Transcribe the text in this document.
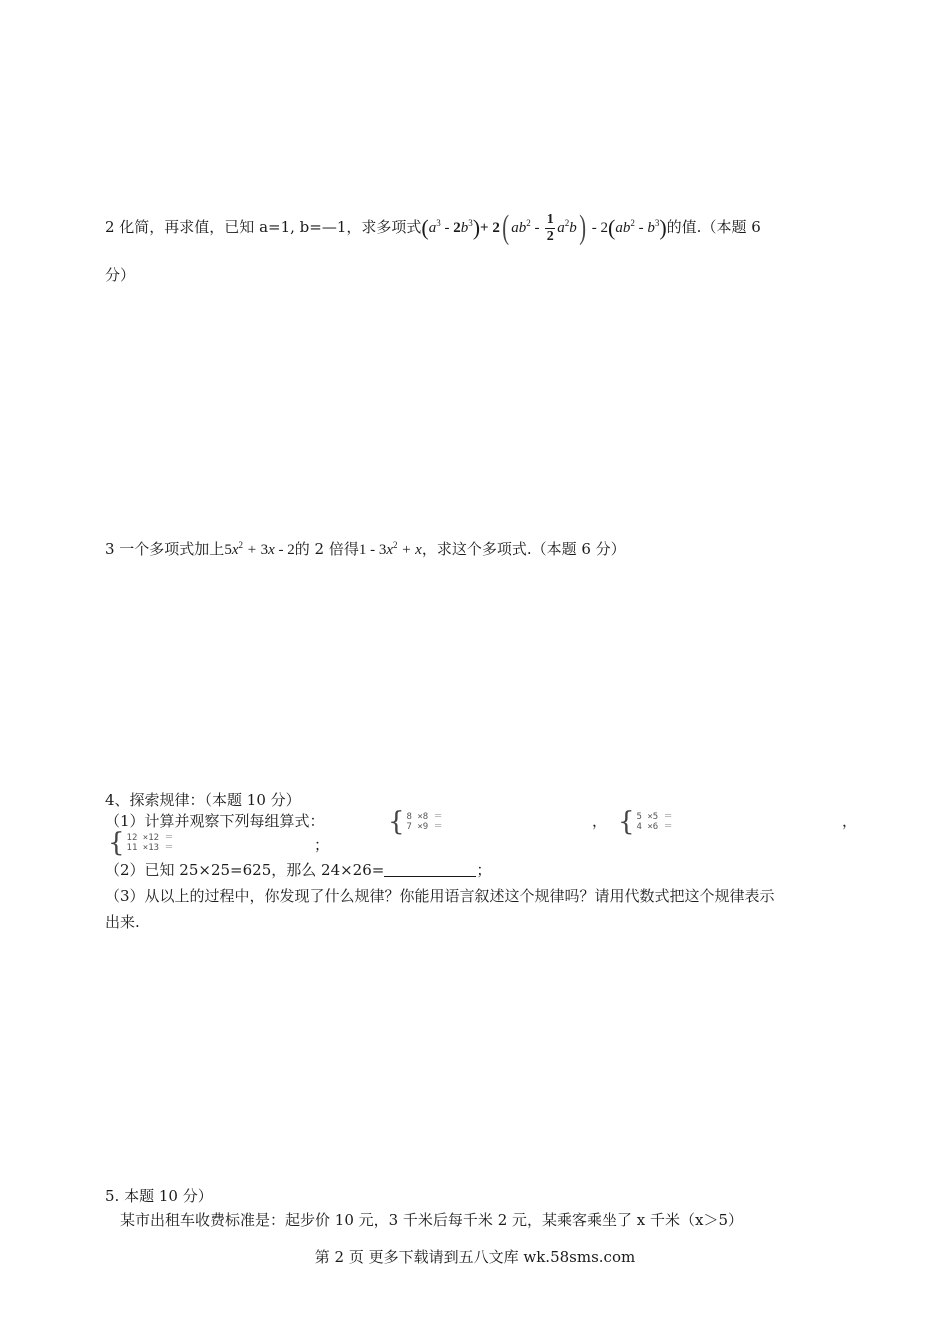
2 化简，再求值，已知 a=1, b=—1，求多项式$(a^3 - 2b^3)+ 2$( $ab^2 - \frac{1}{2} a^2b) - 2(ab^2 - b^3)$的值.（本题 6
分）
3 一个多项式加上$5x^2 + 3x - 2$的 2 倍得$1 - 3x^2 + x$，求这个多项式.（本题 6 分）
4、探索规律：（本题 10 分）
（1）计算并观察下列每组算式： { 8 ×8 ＝
7 ×9 ＝	， { 5 ×5 ＝
4 ×6 ＝	，
{ 12 ×12 ＝
11 ×13 ＝	；
（2）已知 25×25=625，那么 24×26=	；
（3）从以上的过程中，你发现了什么规律？你能用语言叙述这个规律吗？请用代数式把这个规律表示
出来.
5. 本题 10 分）
某市出租车收费标准是：起步价 10 元，3 千米后每千米 2 元，某乘客乘坐了 x 千米（x＞5）
第 2 页 更多下载请到五八文库 wk.58sms.com
